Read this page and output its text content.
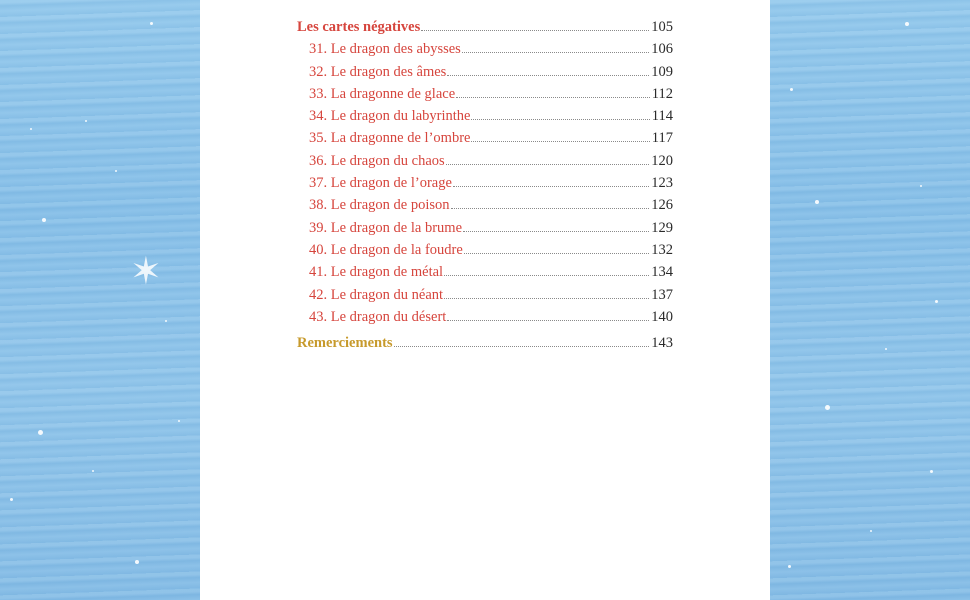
✶
Les cartes négatives	105
31. Le dragon des abysses	106
32. Le dragon des âmes	109
33. La dragonne de glace	112
34. Le dragon du labyrinthe	114
35. La dragonne de l’ombre	117
36. Le dragon du chaos	120
37. Le dragon de l’orage	123
38. Le dragon de poison	126
39. Le dragon de la brume	129
40. Le dragon de la foudre	132
41. Le dragon de métal	134
42. Le dragon du néant	137
43. Le dragon du désert	140
Remerciements	143
